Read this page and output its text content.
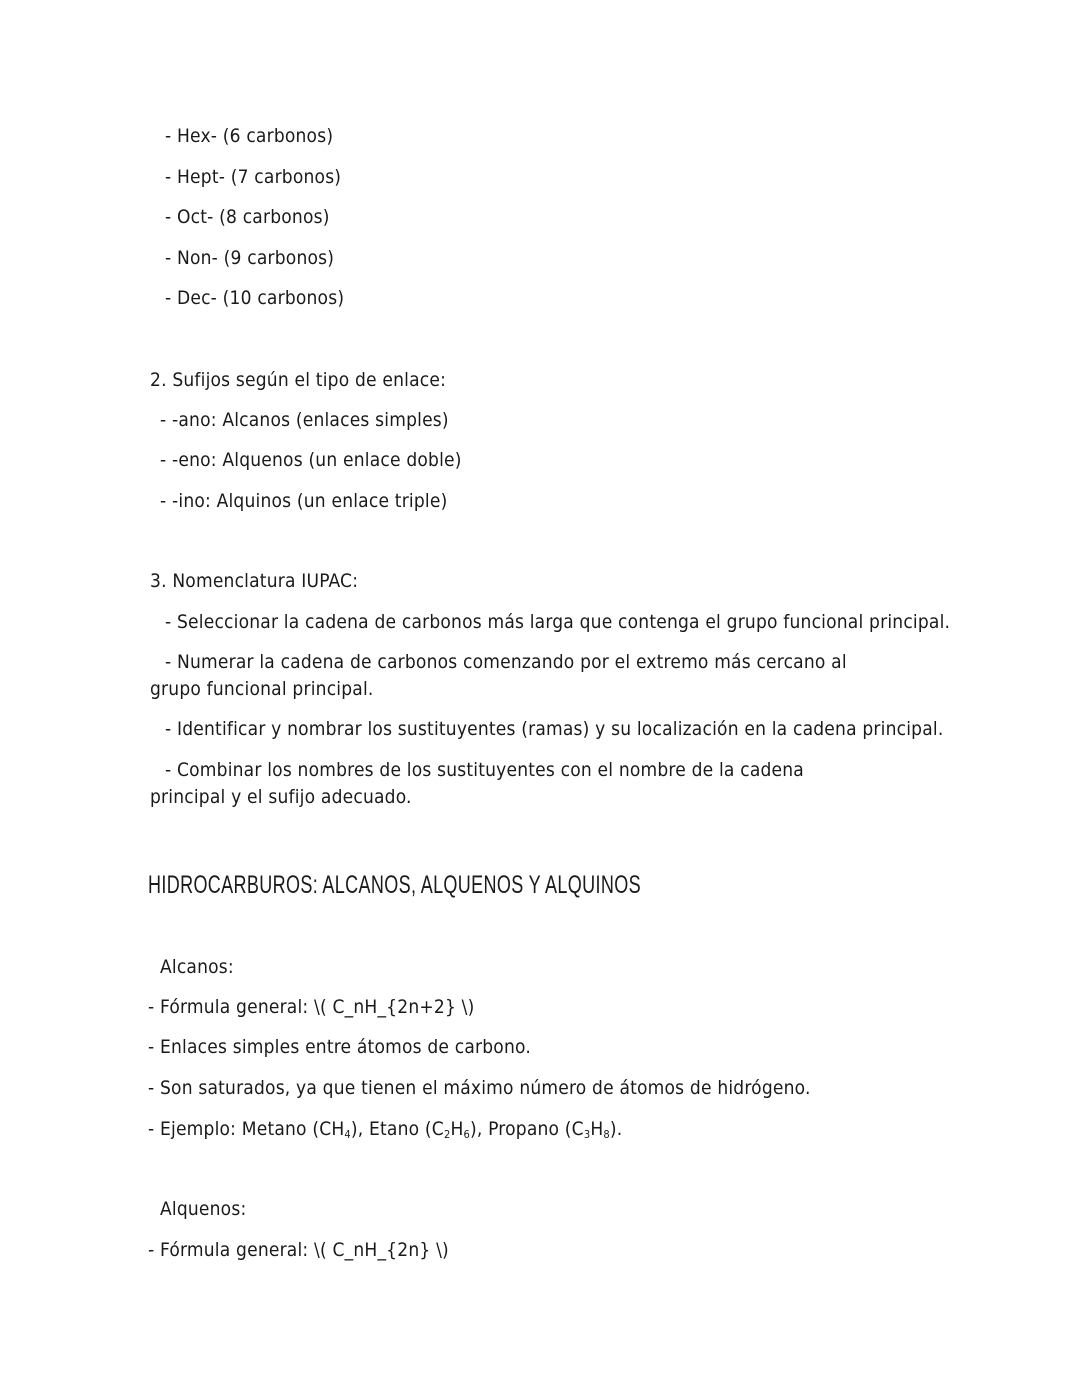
- Hex- (6 carbonos)
- Hept- (7 carbonos)
- Oct- (8 carbonos)
- Non- (9 carbonos)
- Dec- (10 carbonos)
2. Sufijos según el tipo de enlace:
- -ano: Alcanos (enlaces simples)
- -eno: Alquenos (un enlace doble)
- -ino: Alquinos (un enlace triple)
3. Nomenclatura IUPAC:
- Seleccionar la cadena de carbonos más larga que contenga el grupo funcional principal.
- Numerar la cadena de carbonos comenzando por el extremo más cercano al grupo funcional principal.
- Identificar y nombrar los sustituyentes (ramas) y su localización en la cadena principal.
- Combinar los nombres de los sustituyentes con el nombre de la cadena principal y el sufijo adecuado.
HIDROCARBUROS: ALCANOS, ALQUENOS Y ALQUINOS
Alcanos:
- Fórmula general: \( C_nH_{2n+2} \)
- Enlaces simples entre átomos de carbono.
- Son saturados, ya que tienen el máximo número de átomos de hidrógeno.
- Ejemplo: Metano $(CH_4)$, Etano $(C_2H_6)$, Propano $(C_3H_8)$.
Alquenos:
- Fórmula general: \( C_nH_{2n} \)
